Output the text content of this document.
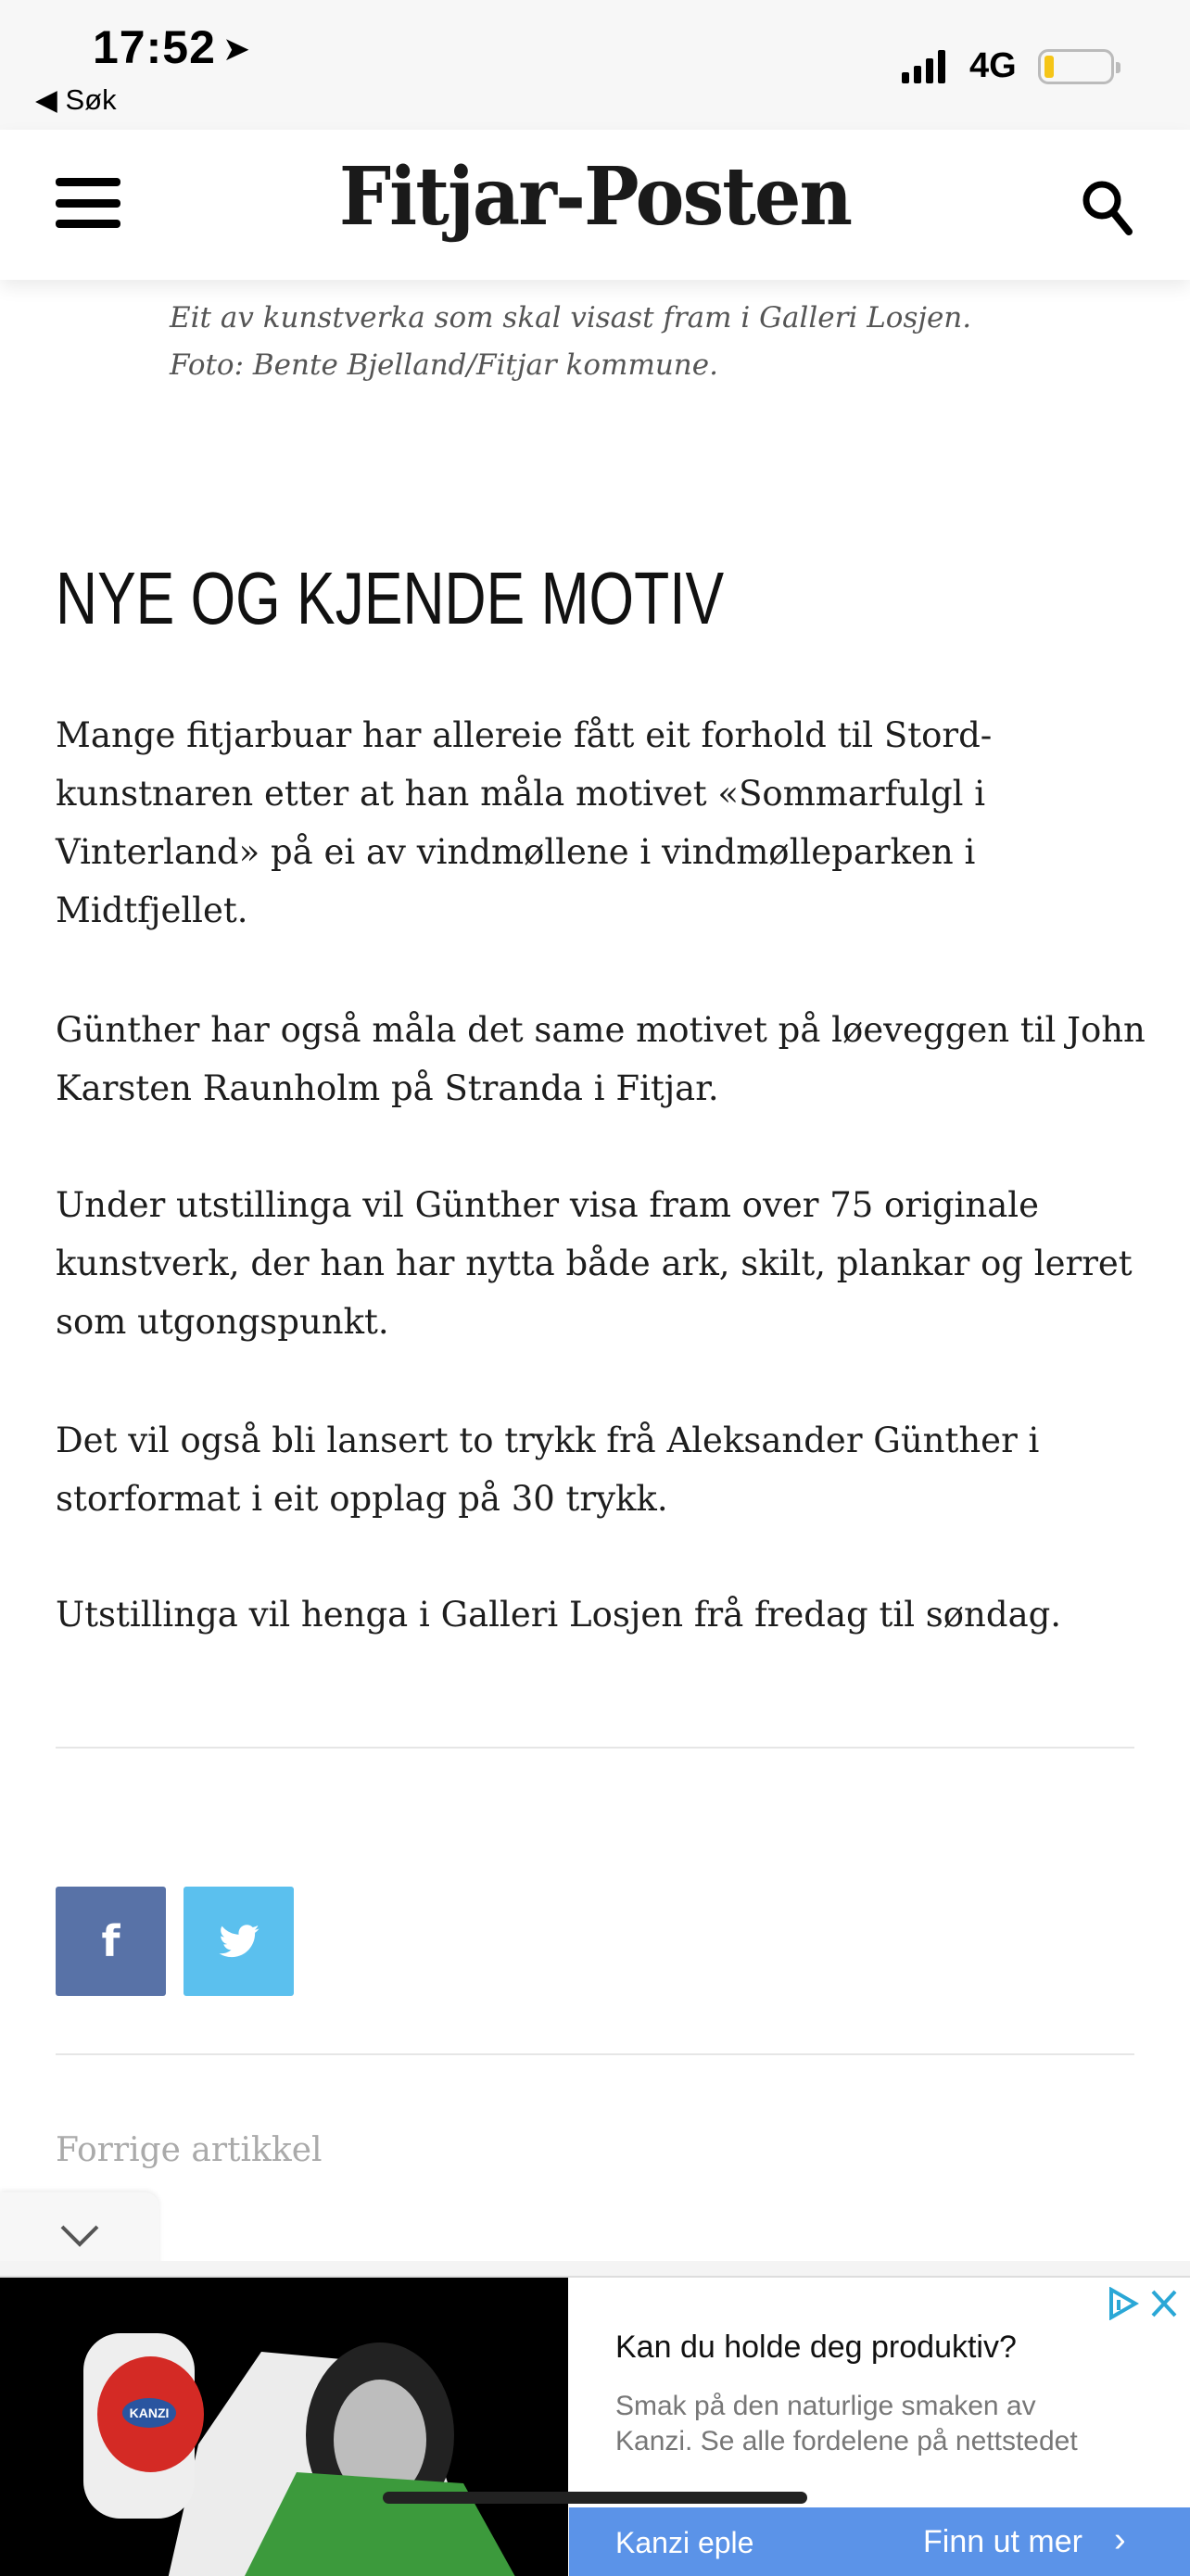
17:52 ➤
◀ Søk
4G
Fitjar-Posten
Eit av kunstverka som skal visast fram i Galleri Losjen.
Foto: Bente Bjelland/Fitjar kommune.
NYE OG KJENDE MOTIV
Mange fitjarbuar har allereie fått eit forhold til Stord-kunstnaren etter at han måla motivet «Sommarfulgl i Vinterland» på ei av vindmøllene i vindmølleparken i Midtfjellet.
Günther har også måla det same motivet på løeveggen til John Karsten Raunholm på Stranda i Fitjar.
Under utstillinga vil Günther visa fram over 75 originale kunstverk, der han har nytta både ark, skilt, plankar og lerret som utgongspunkt.
Det vil også bli lansert to trykk frå Aleksander Günther i storformat i eit opplag på 30 trykk.
Utstillinga vil henga i Galleri Losjen frå fredag til søndag.
f
Forrige artikkel
KANZI
Kan du holde deg produktiv?
Smak på den naturlige smaken av
Kanzi. Se alle fordelene på nettstedet
Kanzi eple	Finn ut mer ›
